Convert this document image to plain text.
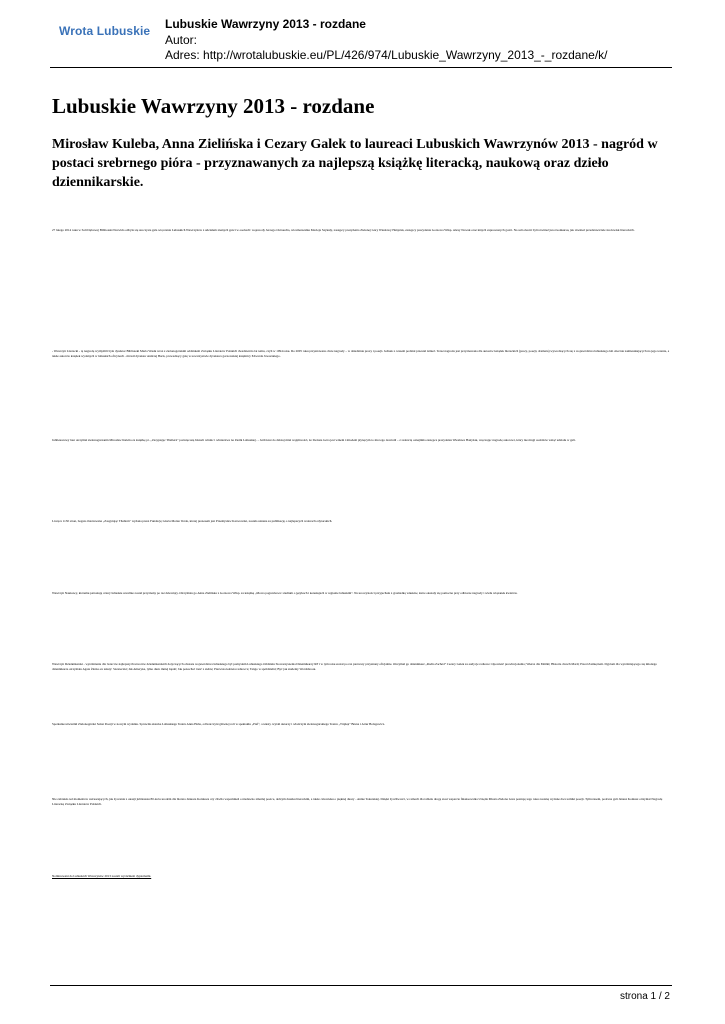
Wrota Lubuskie Lubuskie Wawrzyny 2013 - rozdane
Autor:
Adres: http://wrotalubuskie.eu/PL/426/974/Lubuskie_Wawrzyny_2013_-_rozdane/k/
Lubuskie Wawrzyny 2013 - rozdane

Mirosław Kuleba, Anna Zielińska i Cezary Galek to laureaci Lubuskich Wawrzynów 2013 - nagród w postaci srebrnego pióra - przyznawanych za najlepszą książkę literacką, naukową oraz dzieło dziennikarskie.

27 lutego 2014 roku w Sali Dębowej Biblioteki Norwida odbyła się uroczysta gala wręczenia Lubuskich Wawrzynów z udziałem znanych gości w osobach: wojewody Jerzego Ostroucha, wicemarszałka Macieja Szykuły, zastępcy prezydenta Zielonej Góry Wiesławy Hanyżak, zastępcy prezydenta Gorzowa Wlkp. Alexy Nowak oraz innych zaproszonych gości. Na sali obecni byli również juror konkursu, jak również przedstawiciele środowisk literackich.

- Wawrzyn Literacki - tą nagrodę wymyślili była dyrektor Biblioteki Maria Wasik wraz z zielonogórskim oddziałem Związku Literatów Polskich dwadzieścia lat temu, czyli w 1994 roku. Do 2005 roku przyznawano dwie nagrody – w dziedzinie prozy i poezji. Jednak z czasem podział przestał istnieć. Teraz nagroda jest przyznawana dla autorów książek literackich (prozy, poezji, dramatu) wywodzących się z województwa lubuskiego lub obecnie zamieszkujących na jego terenie, a także autorów książek wydanych w lubuskich oficynach - mówił dyrektor Andrzej Buck, prowadzący galę w towarzystwie dyrektora gorzowskiej książnicy Edwarda Jaworskiego.

Jubileuszowy laur otrzymał zielonogórzanin Mirosław Kuleba za książkę pt. „Zasypiając Thallern" poświęconą historii winnic i winiarstwa na Ziemi Lubuskiej. – Jeśli ktoś do dzisiaj miał wątpliwości, że Zielona Góra jest winem i miodem płynącym to mu tego dowiódł – z radością oznajmiła zastępca prezydenta Wiesława Hanyżak, wręczając nagrodę autorowi, który nie mógł osobiście wziąć udziału w gali.

Licząca 1130 stron, bogato ilustrowana „Zasypiając Thallern" wydana przez Fundację Gloria Monte Verde, której prezesem jest Przemysław Karwowski, została uznana za publikację o najlepszych walorach edytorskich.

Wawrzyn Naukowy, któremu patronują cztery lubuskie uczelnie został przyznany po raz dziewiąty. Otrzymała go Anna Zielińska z Gorzowa Wlkp. za książkę „Mowa pogrzebowa: studium o językach i koneksjach w regionie lubuskim". Na uroczystości przyjechała z gromadką wnuków, które okazały się pomocne przy odbiorze nagrody i wielu wiązanek kwiatów.

Wawrzyn Dziennikarski - wyróżnienie dla twórców najlepszych utworów dziennikarskich dotyczących obszaru województwa lubuskiego był pomysłem Lubuskiego Oddziału Stowarzyszenia Dziennikarzy RP i w tym roku został po raz pierwszy przyznany oficjalnie. Otrzymał go dziennikarz „Radia Zachód" Cezary Galek za audycje radiowe: Opowieść prowincjonalna; Wiersz dla Emilki; Historia dwóch Marii; Przed Zaśnięciem. Dyplom dla wyróżniającego się młodego dziennikarza otrzymała Agata Żłotko za teksty: Szósteczki; Jak Ameryka, tylko dużo mniej łapali; Jak pokochać treść z siebie; Pierwsza kobieta radiowca; Tango w spółdzielni; Być jak studenty Wordsbrook.

Spotkanie uświetnił Zielonogórski Salon Poezji w nowym wydaniu. Sprawiła aktorka Lubuskiego Teatru Anna Haba, odtwórczyni głównej roli w spektaklu „Piaf", a teksty czytali aktorzy i władczyni zielonogórskiego Teatru „Trójkąt" Bruna i Artur Bolsgowicz.

Nie zabrakło też momentów wzruszających, jak życzenia z okazji jubileuszu 80-lecia urodzin dla literata Janusza Koniusza czy chwila wspomnień o niedawno zmarłej poetce, dobrym duszku literackim, a także człowieku o pięknej duszy - Annie Tokarskiej. Dzięki życzliwości, w ramach dla tabletu drogą stosi wsparcie finansowania Urzędu Miasta Zielona Góra poznaję tego roku zostaną wydane dwa tomiki poezji. Tymczasem, podczas gali Janusz Koniusz otrzymał Nagrodę Literacką Związku Literatów Polskich.

Nominowani do Lubuskich Wawrzynów 2013 zostali wyróżnieni dyplomami.

strona 1 / 2
